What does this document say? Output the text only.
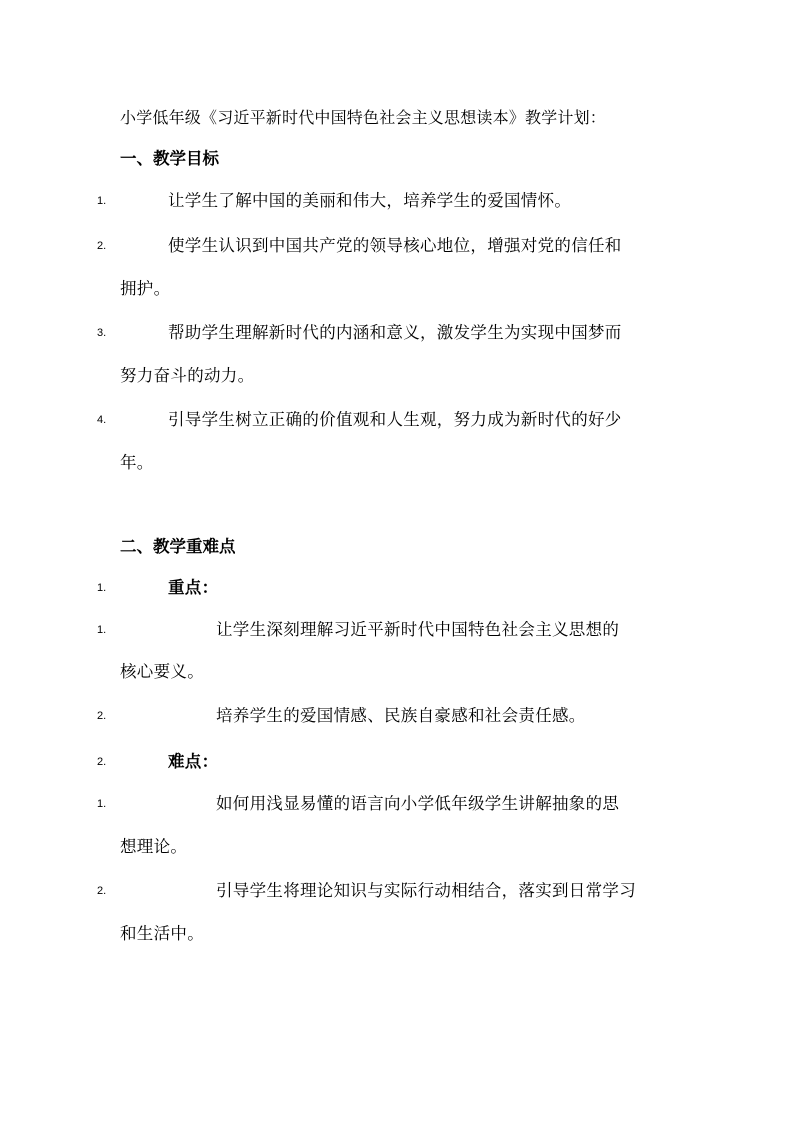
小学低年级《习近平新时代中国特色社会主义思想读本》教学计划：
一、教学目标
1.	让学生了解中国的美丽和伟大，培养学生的爱国情怀。
2.	使学生认识到中国共产党的领导核心地位，增强对党的信任和
拥护。
3.	帮助学生理解新时代的内涵和意义，激发学生为实现中国梦而
努力奋斗的动力。
4.	引导学生树立正确的价值观和人生观，努力成为新时代的好少
年。
二、教学重难点
1.	重点：
1.	让学生深刻理解习近平新时代中国特色社会主义思想的
核心要义。
2.	培养学生的爱国情感、民族自豪感和社会责任感。
2.	难点：
1.	如何用浅显易懂的语言向小学低年级学生讲解抽象的思
想理论。
2.	引导学生将理论知识与实际行动相结合，落实到日常学习
和生活中。
